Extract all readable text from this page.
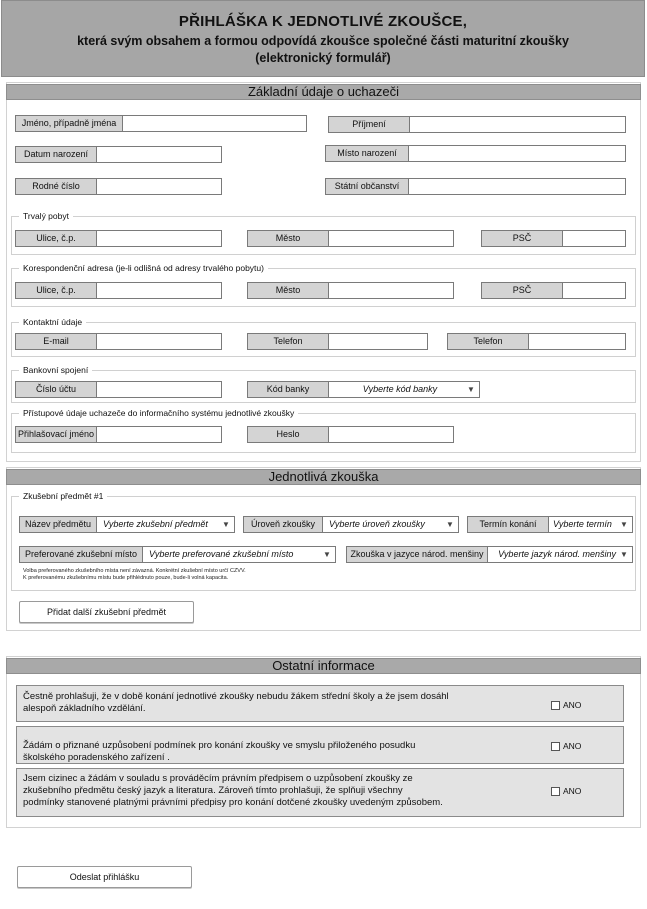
PŘIHLÁŠKA K JEDNOTLIVÉ ZKOUŠCE,
která svým obsahem a formou odpovídá zkoušce společné části maturitní zkoušky
(elektronický formulář)
Základní údaje o uchazeči
Jméno, případně jména	Příjmení
Datum narození	Místo narození
Rodné číslo	Státní občanství
Trvalý pobyt
Ulice, č.p.	Město	PSČ
Korespondenční adresa (je-li odlišná od adresy trvalého pobytu)
Ulice, č.p.	Město	PSČ
Kontaktní údaje
E-mail	Telefon	Telefon
Bankovní spojení
Číslo účtu	Kód banky	Vyberte kód banky	▼
Přístupové údaje uchazeče do informačního systému jednotlivé zkoušky
Přihlašovací jméno	Heslo
Jednotlivá zkouška
Zkušební předmět #1
Název předmětu	Vyberte zkušební předmět ▼	Úroveň zkoušky	Vyberte úroveň zkoušky	▼	Termín konání	Vyberte termín ▼
Preferované zkušební místo	Vyberte preferované zkušební místo	▼	Zkouška v jazyce národ. menšiny	Vyberte jazyk národ. menšiny ▼
Volba preferovaného zkušebního místa není závazná. Konkrétní zkušební místo určí CZVV.
K preferovanému zkušebnímu místu bude přihlédnuto pouze, bude-li volná kapacita.
Přidat další zkušební předmět
Ostatní informace
Čestně prohlašuji, že v době konání jednotlivé zkoušky nebudu žákem střední školy a že jsem dosáhl
alespoň základního vzdělání.	ANO
Žádám o přiznané uzpůsobení podmínek pro konání zkoušky ve smyslu přiloženého posudku
školského poradenského zařízení .
ANO
Jsem cizinec a žádám v souladu s prováděcím právním předpisem o uzpůsobení zkoušky ze
zkušebního předmětu český jazyk a literatura. Zároveň tímto prohlašuji, že splňuji všechny
podmínky stanovené platnými právními předpisy pro konání dotčené zkoušky uvedeným způsobem.
ANO
Odeslat přihlášku
